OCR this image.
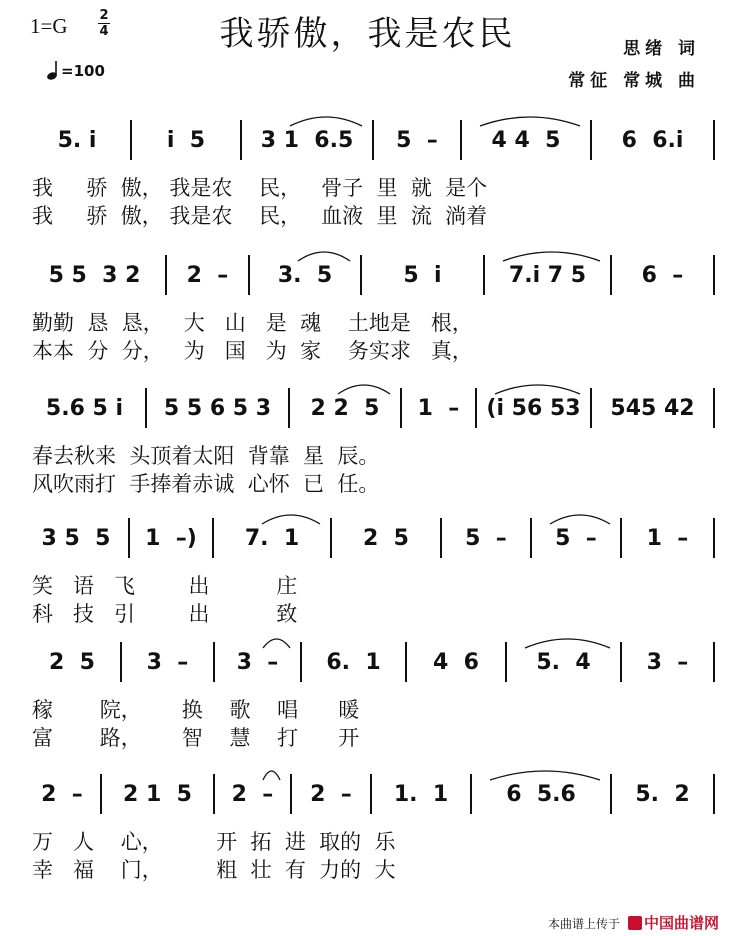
1=G 2
4
=100
我骄傲，我是农民	思绪 词
常征 常城 曲
5. i	i  5	3 1  6.5	5  –	4 4  5	6  6.i
我     骄  傲， 我是农    民，   骨子  里  就  是个
我     骄  傲， 我是农    民，   血液  里  流  淌着
5 5  3 2	2  –	3.  5	5  i	7.i 7 5	6  –
勤勤  恳  恳，   大   山   是  魂    土地是   根，
本本  分  分，   为   国   为  家    务实求   真，
5.6 5 i	5 5 6 5 3	2 2  5	1  –	(i 56 53	545 42
春去秋来  头顶着太阳  背靠  星  辰。
风吹雨打  手捧着赤诚  心怀  已  任。
3 5  5	1  –)	7.  1	2  5	5  –	5  –	1  –
笑   语   飞        出          庄
科   技   引        出          致
2  5	3  –	3  –	6.  1	4  6	5.  4	3  –
稼       院，      换    歌    唱      暖
富       路，      智    慧    打      开
2  –	2 1  5	2  –	2  –	1.  1	6  5.6	5.  2
万   人    心，        开  拓  进  取的  乐
幸   福    门，        粗  壮  有  力的  大
本曲谱上传于	中国曲谱网
